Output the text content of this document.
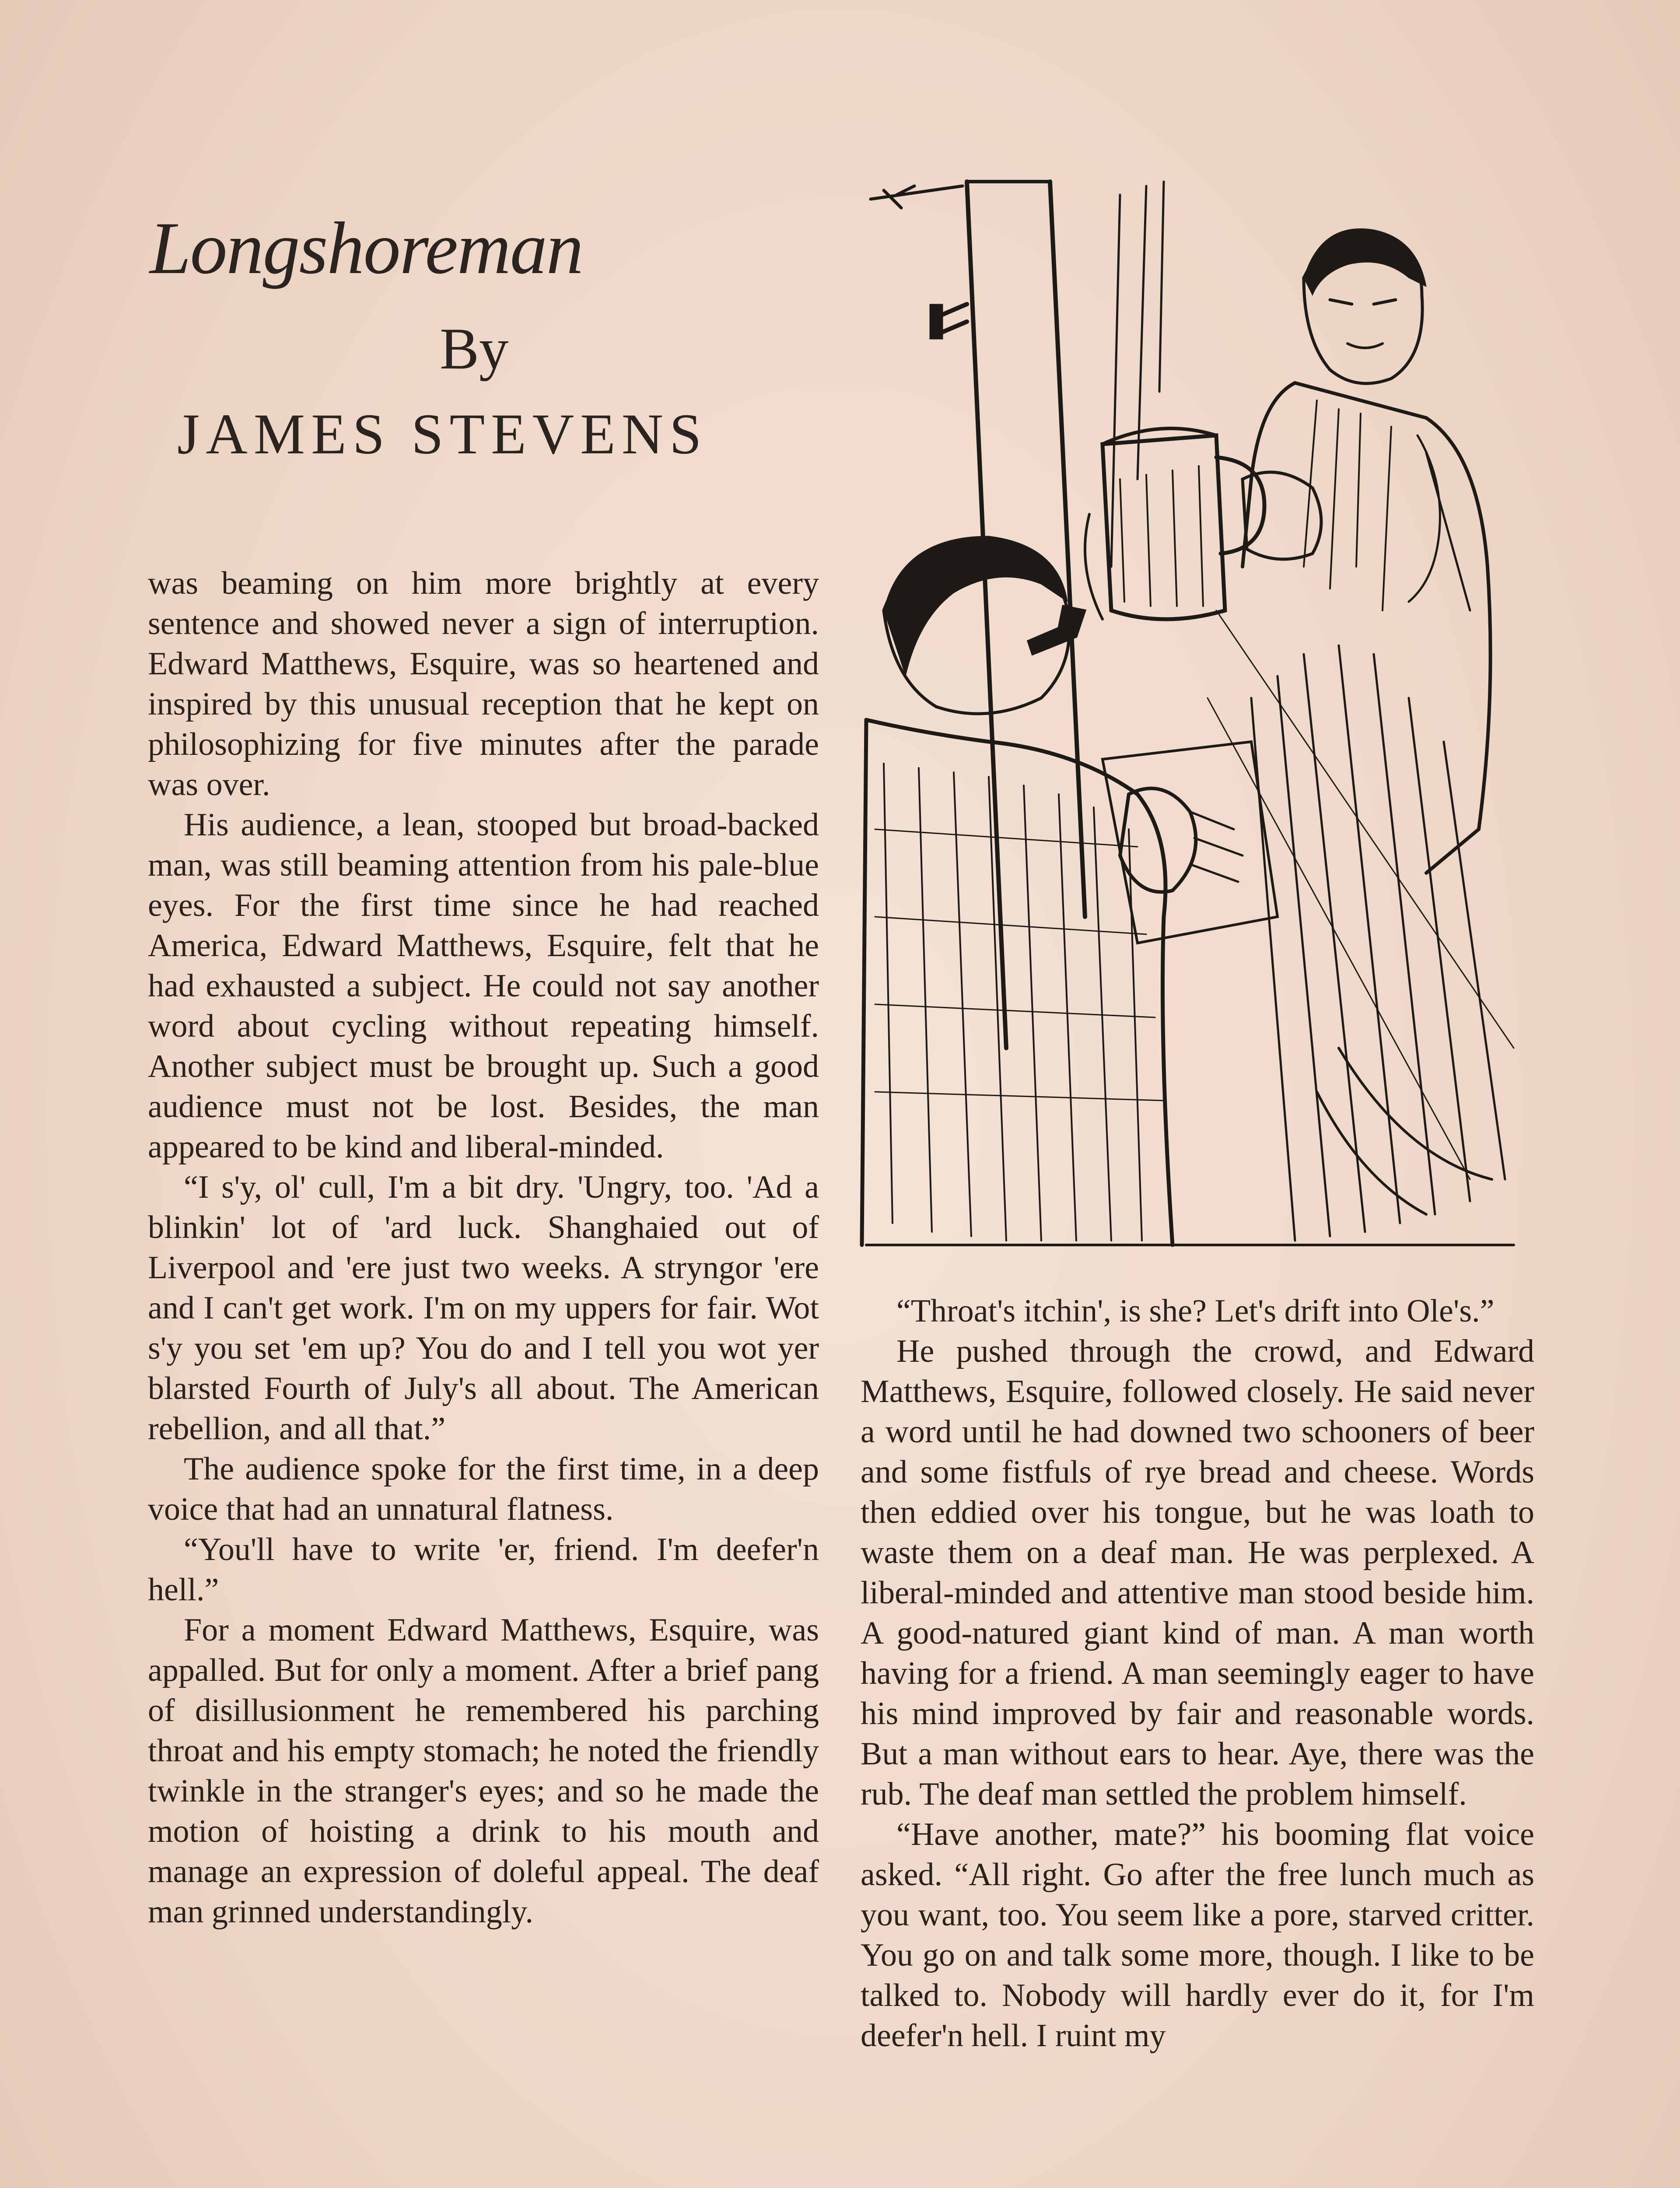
Longshoreman
By
JAMES STEVENS

was beaming on him more brightly at every sentence and showed never a sign of interruption. Edward Matthews, Esquire, was so heartened and inspired by this unusual reception that he kept on philosophizing for five minutes after the parade was over.

His audience, a lean, stooped but broad-backed man, was still beaming attention from his pale-blue eyes. For the first time since he had reached America, Edward Matthews, Esquire, felt that he had exhausted a subject. He could not say another word about cycling without repeating himself. Another subject must be brought up. Such a good audience must not be lost. Besides, the man appeared to be kind and liberal-minded.

“I s'y, ol' cull, I'm a bit dry. 'Ungry, too. 'Ad a blinkin' lot of 'ard luck. Shanghaied out of Liverpool and 'ere just two weeks. A stryngor 'ere and I can't get work. I'm on my uppers for fair. Wot s'y you set 'em up? You do and I tell you wot yer blarsted Fourth of July's all about. The American rebellion, and all that.”

The audience spoke for the first time, in a deep voice that had an unnatural flatness.

“You'll have to write 'er, friend. I'm deefer'n hell.”

For a moment Edward Matthews, Esquire, was appalled. But for only a moment. After a brief pang of disillusionment he remembered his parching throat and his empty stomach; he noted the friendly twinkle in the stranger's eyes; and so he made the motion of hoisting a drink to his mouth and manage an expression of doleful appeal. The deaf man grinned understandingly.

“Throat's itchin', is she? Let's drift into Ole's.”

He pushed through the crowd, and Edward Matthews, Esquire, followed closely. He said never a word until he had downed two schooners of beer and some fistfuls of rye bread and cheese. Words then eddied over his tongue, but he was loath to waste them on a deaf man. He was perplexed. A liberal-minded and attentive man stood beside him. A good-natured giant kind of man. A man worth having for a friend. A man seemingly eager to have his mind improved by fair and reasonable words. But a man without ears to hear. Aye, there was the rub. The deaf man settled the problem himself.

“Have another, mate?” his booming flat voice asked. “All right. Go after the free lunch much as you want, too. You seem like a pore, starved critter. You go on and talk some more, though. I like to be talked to. Nobody will hardly ever do it, for I'm deefer'n hell. I ruint my
